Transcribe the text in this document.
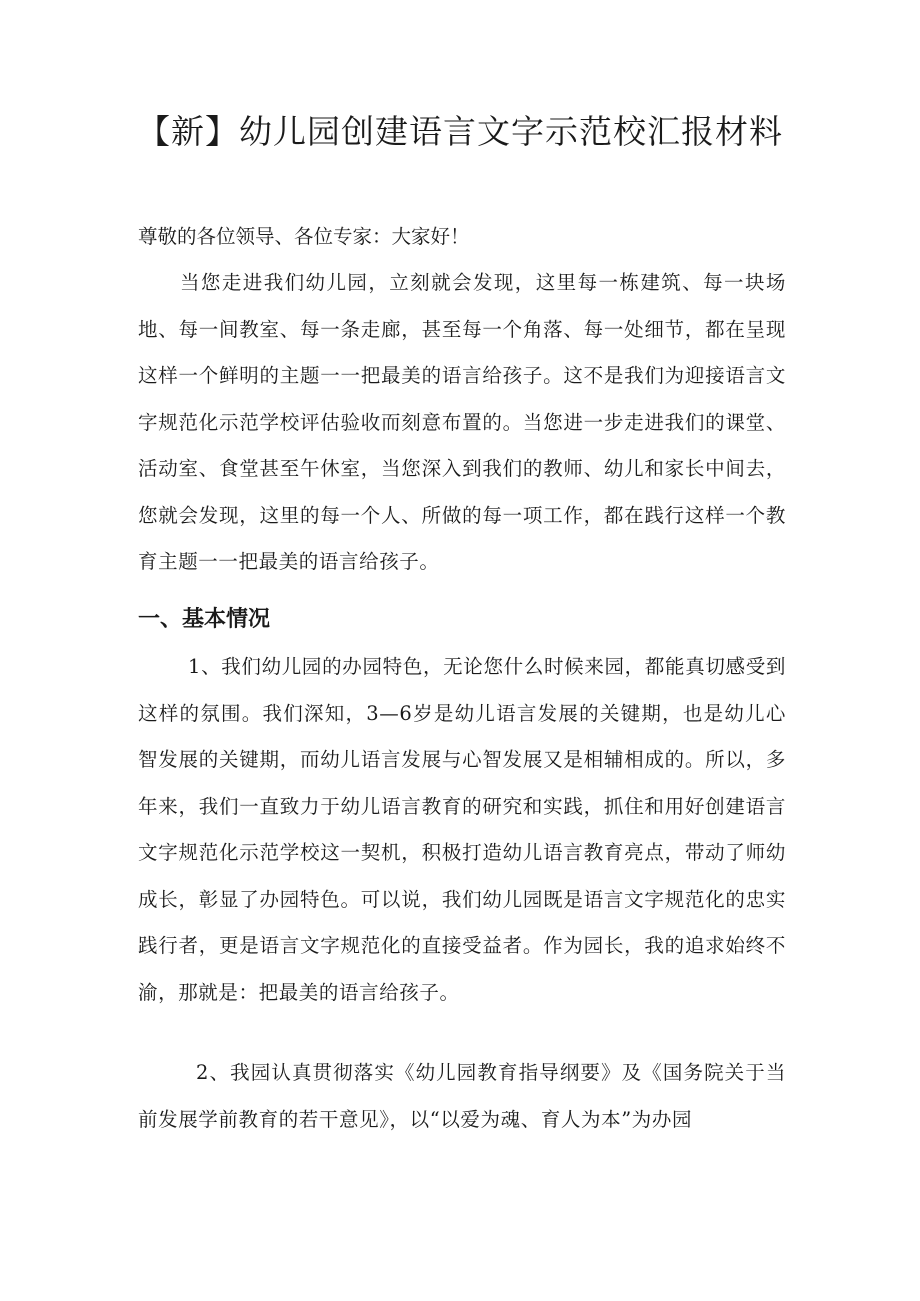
【新】幼儿园创建语言文字示范校汇报材料

尊敬的各位领导、各位专家：大家好！

当您走进我们幼儿园，立刻就会发现，这里每一栋建筑、每一块场地、每一间教室、每一条走廊，甚至每一个角落、每一处细节，都在呈现这样一个鲜明的主题一一把最美的语言给孩子。这不是我们为迎接语言文字规范化示范学校评估验收而刻意布置的。当您进一步走进我们的课堂、活动室、食堂甚至午休室，当您深入到我们的教师、幼儿和家长中间去，您就会发现，这里的每一个人、所做的每一项工作，都在践行这样一个教育主题一一把最美的语言给孩子。

一、基本情况

1、我们幼儿园的办园特色，无论您什么时候来园，都能真切感受到这样的氛围。我们深知，3—6岁是幼儿语言发展的关键期，也是幼儿心智发展的关键期，而幼儿语言发展与心智发展又是相辅相成的。所以，多年来，我们一直致力于幼儿语言教育的研究和实践，抓住和用好创建语言文字规范化示范学校这一契机，积极打造幼儿语言教育亮点，带动了师幼成长，彰显了办园特色。可以说，我们幼儿园既是语言文字规范化的忠实践行者，更是语言文字规范化的直接受益者。作为园长，我的追求始终不渝，那就是：把最美的语言给孩子。

2、我园认真贯彻落实《幼儿园教育指导纲要》及《国务院关于当前发展学前教育的若干意见》，以“以爱为魂、育人为本”为办园
